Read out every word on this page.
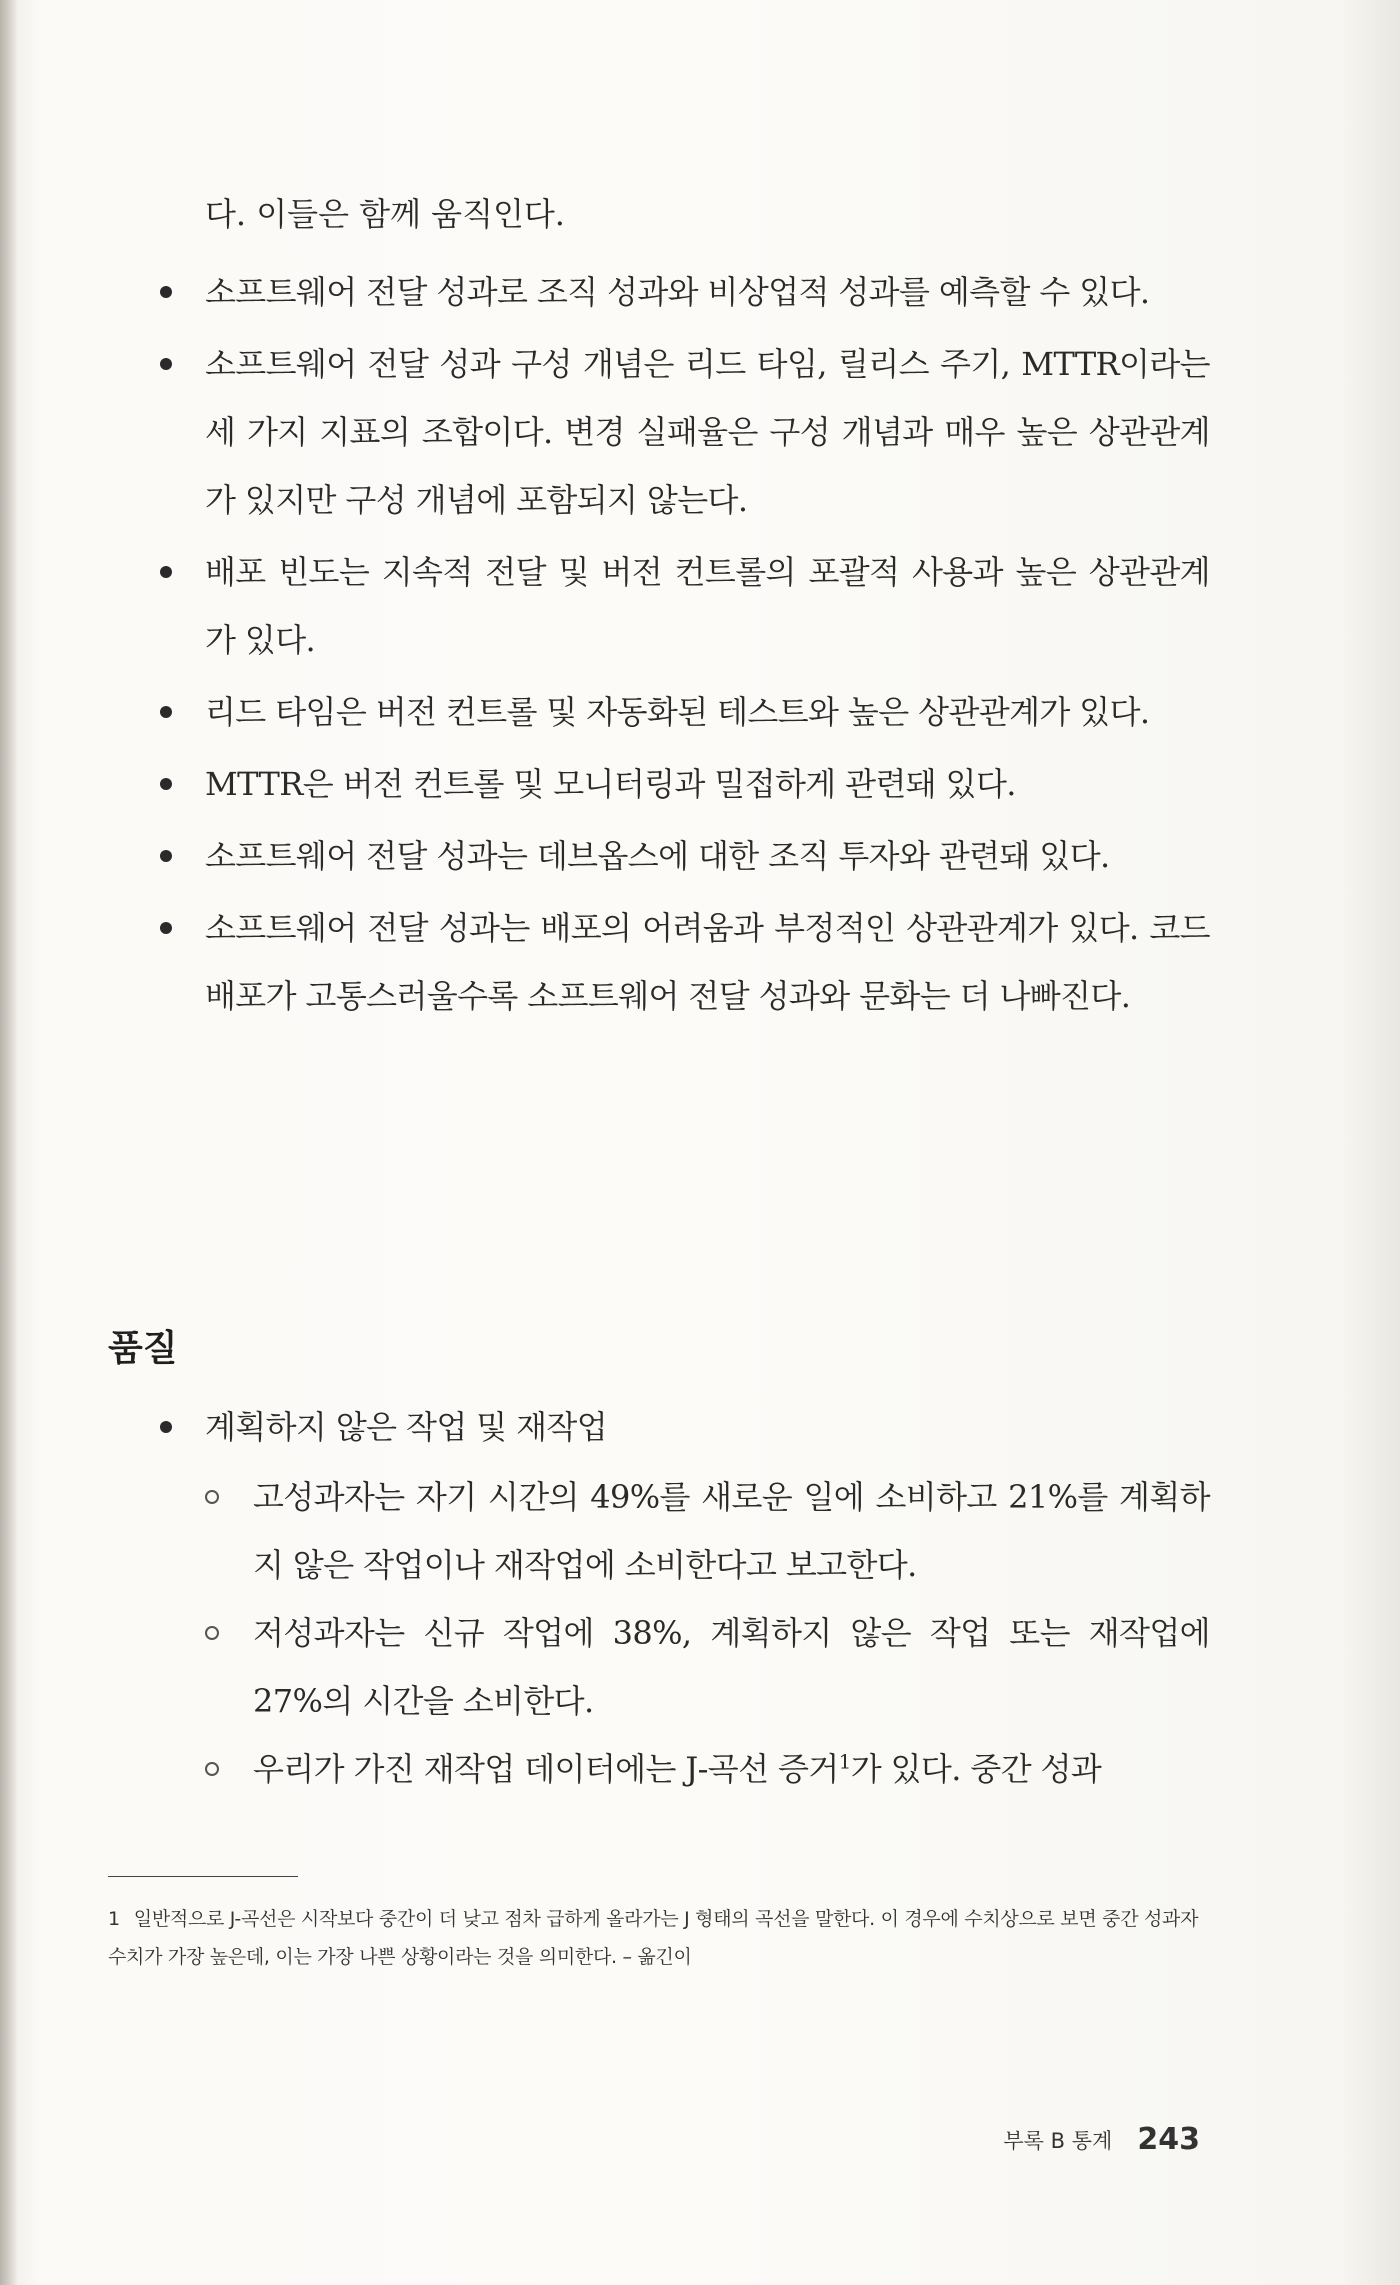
다. 이들은 함께 움직인다.
소프트웨어 전달 성과로 조직 성과와 비상업적 성과를 예측할 수 있다.
소프트웨어 전달 성과 구성 개념은 리드 타임, 릴리스 주기, MTTR이라는 세 가지 지표의 조합이다. 변경 실패율은 구성 개념과 매우 높은 상관관계가 있지만 구성 개념에 포함되지 않는다.
배포 빈도는 지속적 전달 및 버전 컨트롤의 포괄적 사용과 높은 상관관계가 있다.
리드 타임은 버전 컨트롤 및 자동화된 테스트와 높은 상관관계가 있다.
MTTR은 버전 컨트롤 및 모니터링과 밀접하게 관련돼 있다.
소프트웨어 전달 성과는 데브옵스에 대한 조직 투자와 관련돼 있다.
소프트웨어 전달 성과는 배포의 어려움과 부정적인 상관관계가 있다. 코드 배포가 고통스러울수록 소프트웨어 전달 성과와 문화는 더 나빠진다.
품질
계획하지 않은 작업 및 재작업
고성과자는 자기 시간의 49%를 새로운 일에 소비하고 21%를 계획하지 않은 작업이나 재작업에 소비한다고 보고한다.
저성과자는 신규 작업에 38%, 계획하지 않은 작업 또는 재작업에 27%의 시간을 소비한다.
우리가 가진 재작업 데이터에는 J-곡선 증거$^1$가 있다. 중간 성과
1 일반적으로 J-곡선은 시작보다 중간이 더 낮고 점차 급하게 올라가는 J 형태의 곡선을 말한다. 이 경우에 수치상으로 보면 중간 성과자 수치가 가장 높은데, 이는 가장 나쁜 상황이라는 것을 의미한다. – 옮긴이
부록 B 통계 243
